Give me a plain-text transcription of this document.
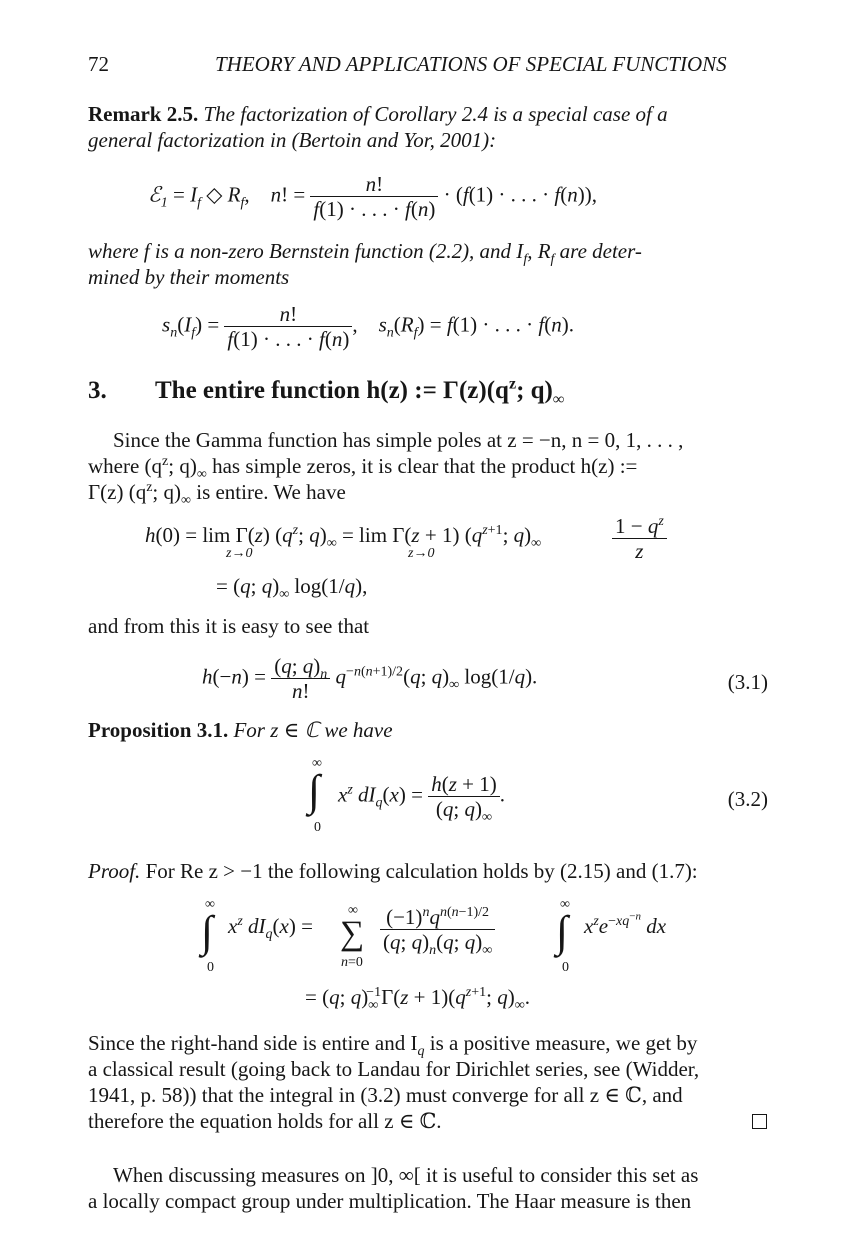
72	THEORY AND APPLICATIONS OF SPECIAL FUNCTIONS
Remark 2.5. The factorization of Corollary 2.4 is a special case of a
general factorization in (Bertoin and Yor, 2001):
ℰ$_1$ = $I_f$ ◇ $R_f$,    n! = $\frac{n!}{f(1) \cdot . . . \cdot f(n)} \cdot (f(1)$ · . . . · f(n)),
where f is a non-zero Bernstein function (2.2), and $I_f$, $R_f$ are deter-
mined by their moments
$s_n(I_f) = \frac{n!}{f(1) \cdot . . . \cdot f(n)}$ ,    $s_n(R_f) = f(1)$ · . . . · f(n).
3. The entire function h(z) := $\Gamma(z)(q^z$; $q)_\infty$
Since the Gamma function has simple poles at z = −n, n = 0, 1, . . . ,
where ($q^z$; $q)_\infty$ has simple zeros, it is clear that the product h(z) :=
Γ(z) ($q^z$; $q)_\infty$ is entire. We have
h(0) = lim Γ(z) ($q^z$; $q)_\infty = \lim \Gamma(z + 1)$ ($q^{z+1}$; $q)_\infty$
z→0	z→0	$\frac{1 - q^z}{z}$
= (q; $q)_\infty$ log(1/q),
and from this it is easy to see that
$h(-n) = \frac{(q; q)_n}{n!} q^{-n(n+1)/2}(q$; $q)_\infty$ log(1/q).	(3.1)
Proposition 3.1. For z ∈ ℂ we have
∞
∫
0
$x^z$ $dI_q(x) = \frac{h(z + 1)}{(q; q)_\infty}$ .	(3.2)
Proof. For Re z > −1 the following calculation holds by (2.15) and (1.7):
∞
∫
0
$x^z$ $dI_q(x)$ =
∞
∑
n=0
$\frac{(-1)^nq^{n(n-1)/2}}{(q; q)_n(q; q)_\infty}$
∞
∫
0
$x^ze^{-xq^{-n}}$ dx
= (q; $q)_\infty^{-1}\Gamma(z + 1)(q^{z+1}$; $q)_\infty$.
Since the right-hand side is entire and $I_q$ is a positive measure, we get by
a classical result (going back to Landau for Dirichlet series, see (Widder,
1941, p. 58)) that the integral in (3.2) must converge for all z ∈ ℂ, and
therefore the equation holds for all z ∈ ℂ.
When discussing measures on ]0, ∞[ it is useful to consider this set as
a locally compact group under multiplication. The Haar measure is then
